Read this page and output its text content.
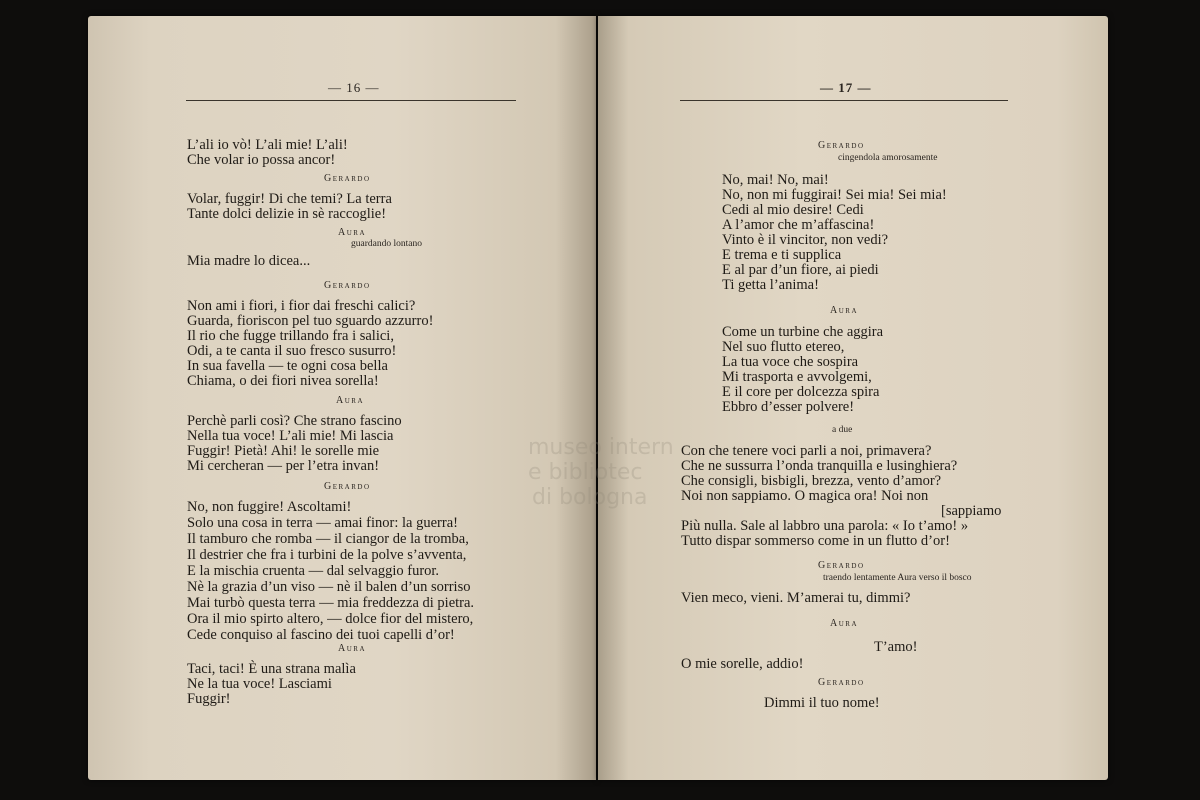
— 16 —
L’ali io vò! L’ali mie! L’ali!
Che volar io possa ancor!
Gerardo
Volar, fuggir! Di che temi? La terra
Tante dolci delizie in sè raccoglie!
Aura
guardando lontano
Mia madre lo dicea...
Gerardo
Non ami i fiori, i fior dai freschi calici?
Guarda, fioriscon pel tuo sguardo azzurro!
Il rio che fugge trillando fra i salici,
Odi, a te canta il suo fresco susurro!
In sua favella — te ogni cosa bella
Chiama, o dei fiori nivea sorella!
Aura
Perchè parli così? Che strano fascino
Nella tua voce! L’ali mie! Mi lascia
Fuggir! Pietà! Ahi! le sorelle mie
Mi cercheran — per l’etra invan!
Gerardo
No, non fuggire! Ascoltami!
Solo una cosa in terra — amai finor: la guerra!
Il tamburo che romba — il ciangor de la tromba,
Il destrier che fra i turbini de la polve s’avventa,
E la mischia cruenta — dal selvaggio furor.
Nè la grazia d’un viso — nè il balen d’un sorriso
Mai turbò questa terra — mia freddezza di pietra.
Ora il mio spirto altero, — dolce fior del mistero,
Cede conquiso al fascino dei tuoi capelli d’or!
Aura
Taci, taci! È una strana malìa
Ne la tua voce! Lasciami
Fuggir!
— 17 —
museo intern
e bibliotec
di bologna
Gerardo
cingendola amorosamente
No, mai! No, mai!
No, non mi fuggirai! Sei mia! Sei mia!
Cedi al mio desire! Cedi
A l’amor che m’affascina!
Vinto è il vincitor, non vedi?
E trema e ti supplica
E al par d’un fiore, ai piedi
Ti getta l’anima!
Aura
Come un turbine che aggira
Nel suo flutto etereo,
La tua voce che sospira
Mi trasporta e avvolgemi,
E il core per dolcezza spira
Ebbro d’esser polvere!
a due
Con che tenere voci parli a noi, primavera?
Che ne sussurra l’onda tranquilla e lusinghiera?
Che consigli, bisbigli, brezza, vento d’amor?
Noi non sappiamo. O magica ora! Noi non
[sappiamo
Più nulla. Sale al labbro una parola: « Io t’amo! »
Tutto dispar sommerso come in un flutto d’or!
Gerardo
traendo lentamente Aura verso il bosco
Vien meco, vieni. M’amerai tu, dimmi?
Aura
T’amo!
O mie sorelle, addio!
Gerardo
Dimmi il tuo nome!
